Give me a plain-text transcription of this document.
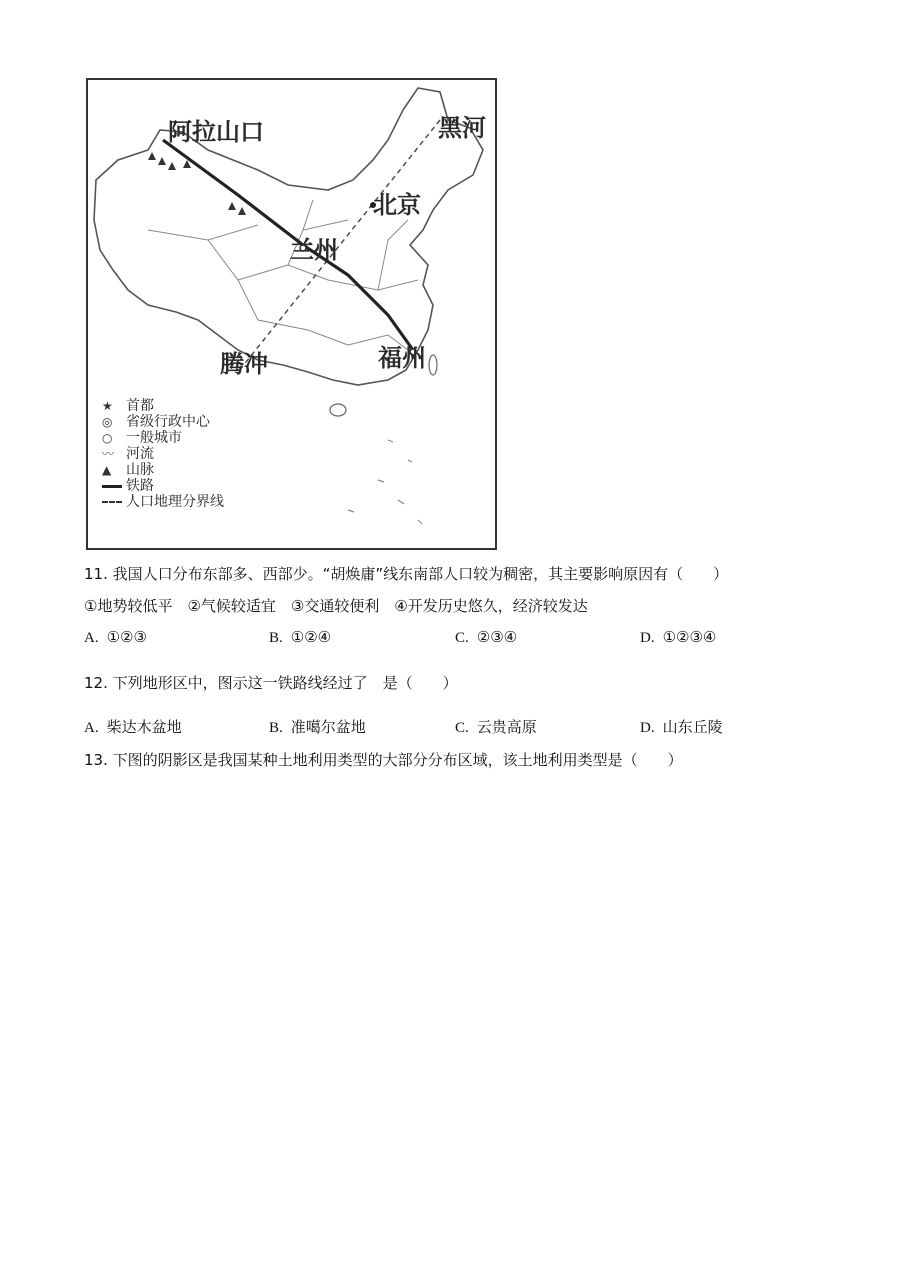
阿拉山口	黑河
北京
兰州
腾冲	福州
★ 首都
◎ 省级行政中心
○ 一般城市
〰 河流
▲	山脉
铁路
人口地理分界线
11. 我国人口分布东部多、西部少。“胡焕庸”线东南部人口较为稠密，其主要影响原因有（　　）
①地势较低平　②气候较适宜　③交通较便利　④开发历史悠久，经济较发达
A. ①②③	B. ①②④	C. ②③④	D. ①②③④
12. 下列地形区中，图示这一铁路线经过了　是（　　）
A. 柴达木盆地	B. 准噶尔盆地	C. 云贵高原	D. 山东丘陵
13. 下图的阴影区是我国某种土地利用类型的大部分分布区域，该土地利用类型是（　　）
